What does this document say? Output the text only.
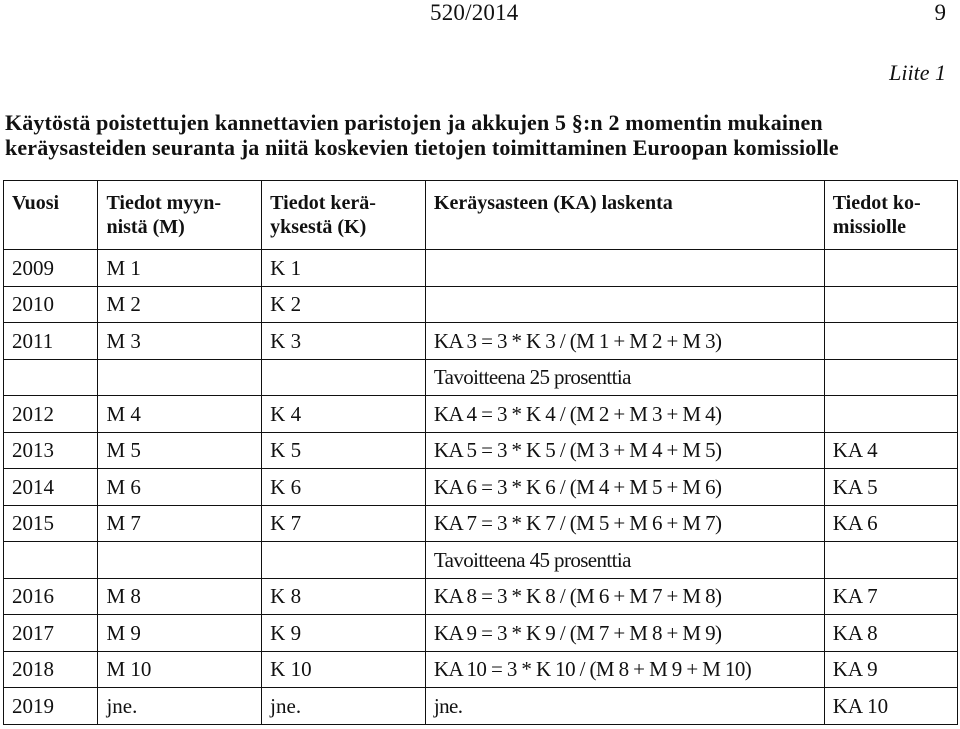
520/2014	9
Liite 1
Käytöstä poistettujen kannettavien paristojen ja akkujen 5 §:n 2 momentin mukainen
keräysasteiden seuranta ja niitä koskevien tietojen toimittaminen Euroopan komissiolle
Vuosi	Tiedot myyn-nistä (M)	Tiedot kerä-yksestä (K)	Keräysasteen (KA) laskenta	Tiedot ko-missiolle
2009	M 1	K 1		
2010	M 2	K 2		
2011	M 3	K 3	KA 3 = 3 * K 3 / (M 1 + M 2 + M 3)	
			Tavoitteena 25 prosenttia	
2012	M 4	K 4	KA 4 = 3 * K 4 / (M 2 + M 3 + M 4)	
2013	M 5	K 5	KA 5 = 3 * K 5 / (M 3 + M 4 + M 5)	KA 4
2014	M 6	K 6	KA 6 = 3 * K 6 / (M 4 + M 5 + M 6)	KA 5
2015	M 7	K 7	KA 7 = 3 * K 7 / (M 5 + M 6 + M 7)	KA 6
			Tavoitteena 45 prosenttia	
2016	M 8	K 8	KA 8 = 3 * K 8 / (M 6 + M 7 + M 8)	KA 7
2017	M 9	K 9	KA 9 = 3 * K 9 / (M 7 + M 8 + M 9)	KA 8
2018	M 10	K 10	KA 10 = 3 * K 10 / (M 8 + M 9 + M 10)	KA 9
2019	jne.	jne.	jne.	KA 10
